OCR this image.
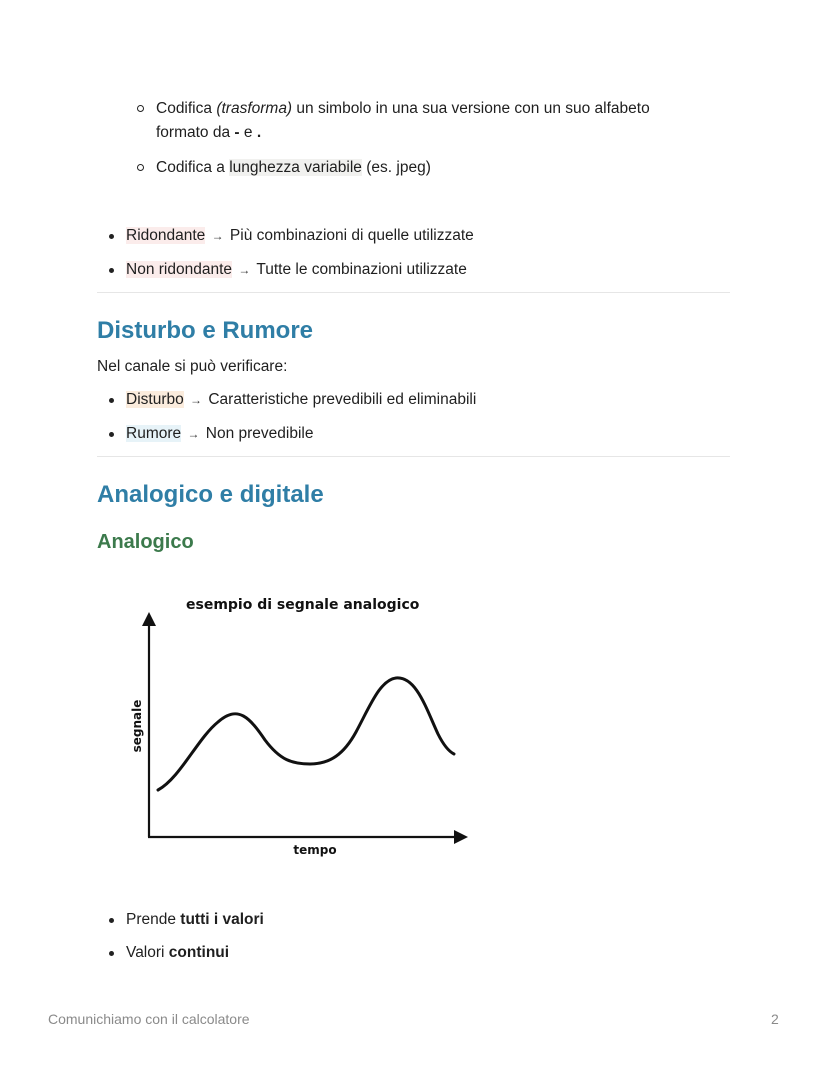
Codifica (trasforma) un simbolo in una sua versione con un suo alfabeto
formato da - e .
Codifica a lunghezza variabile (es. jpeg)
Ridondante → Più combinazioni di quelle utilizzate
Non ridondante → Tutte le combinazioni utilizzate
Disturbo e Rumore
Nel canale si può verificare:
Disturbo → Caratteristiche prevedibili ed eliminabili
Rumore → Non prevedibile
Analogico e digitale
Analogico
esempio di segnale analogico
segnale
tempo
Prende tutti i valori
Valori continui
Comunichiamo con il calcolatore	2
